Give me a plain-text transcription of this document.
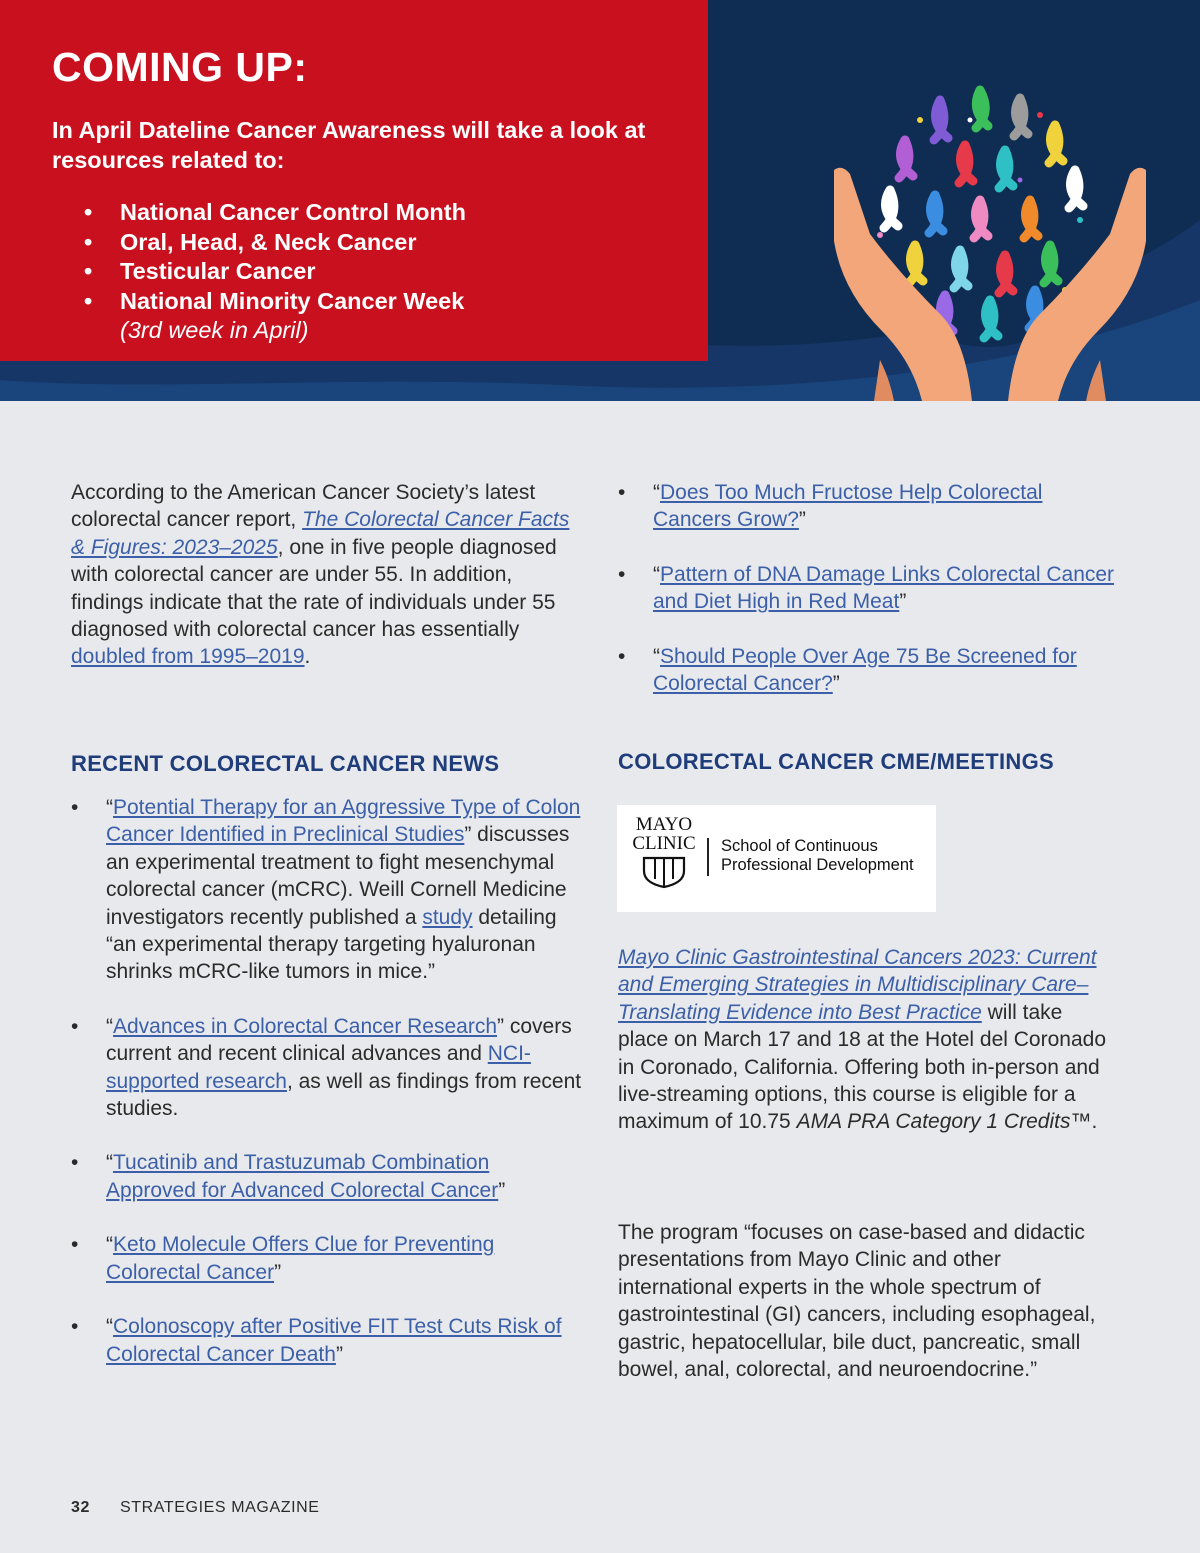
COMING UP:
In April Dateline Cancer Awareness will take a look at resources related to:
• National Cancer Control Month
• Oral, Head, & Neck Cancer
• Testicular Cancer
• National Minority Cancer Week
(3rd week in April)
According to the American Cancer Society’s latest colorectal cancer report, The Colorectal Cancer Facts & Figures: 2023–2025, one in five people diagnosed with colorectal cancer are under 55. In addition, findings indicate that the rate of individuals under 55 diagnosed with colorectal cancer has essentially doubled from 1995–2019.
RECENT COLORECTAL CANCER NEWS
• “Potential Therapy for an Aggressive Type of Colon Cancer Identified in Preclinical Studies” discusses an experimental treatment to fight mesenchymal colorectal cancer (mCRC). Weill Cornell Medicine investigators recently published a study detailing “an experimental therapy targeting hyaluronan shrinks mCRC-like tumors in mice.”
• “Advances in Colorectal Cancer Research” covers current and recent clinical advances and NCI-supported research, as well as findings from recent studies.
• “Tucatinib and Trastuzumab Combination Approved for Advanced Colorectal Cancer”
• “Keto Molecule Offers Clue for Preventing Colorectal Cancer”
• “Colonoscopy after Positive FIT Test Cuts Risk of Colorectal Cancer Death”
• “Does Too Much Fructose Help Colorectal Cancers Grow?”
• “Pattern of DNA Damage Links Colorectal Cancer and Diet High in Red Meat”
• “Should People Over Age 75 Be Screened for Colorectal Cancer?”
COLORECTAL CANCER CME/MEETINGS
MAYO CLINIC	School of Continuous Professional Development
Mayo Clinic Gastrointestinal Cancers 2023: Current and Emerging Strategies in Multidisciplinary Care–Translating Evidence into Best Practice will take place on March 17 and 18 at the Hotel del Coronado in Coronado, California. Offering both in-person and live-streaming options, this course is eligible for a maximum of 10.75 AMA PRA Category 1 Credits™.
The program “focuses on case-based and didactic presentations from Mayo Clinic and other international experts in the whole spectrum of gastrointestinal (GI) cancers, including esophageal, gastric, hepatocellular, bile duct, pancreatic, small bowel, anal, colorectal, and neuroendocrine.”
32 STRATEGIES MAGAZINE
